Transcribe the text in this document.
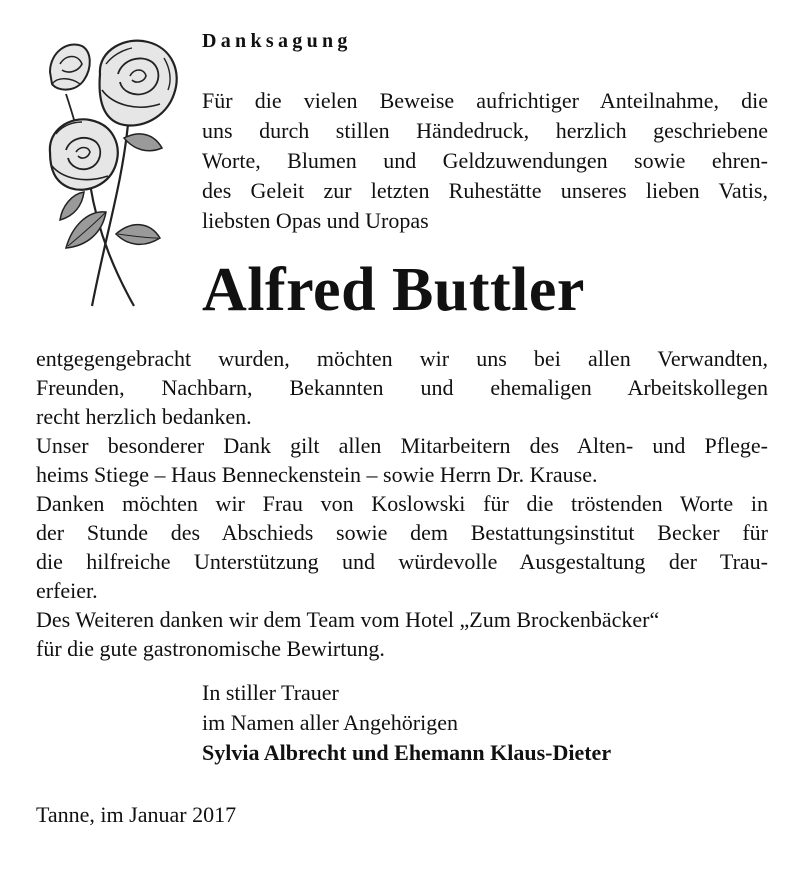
Danksagung

Für die vielen Beweise aufrichtiger Anteilnahme, die
uns durch stillen Händedruck, herzlich geschriebene
Worte, Blumen und Geldzuwendungen sowie ehren-
des Geleit zur letzten Ruhestätte unseres lieben Vatis,
liebsten Opas und Uropas

Alfred Buttler

entgegengebracht wurden, möchten wir uns bei allen Verwandten,
Freunden, Nachbarn, Bekannten und ehemaligen Arbeitskollegen
recht herzlich bedanken.
Unser besonderer Dank gilt allen Mitarbeitern des Alten- und Pflege-
heims Stiege – Haus Benneckenstein – sowie Herrn Dr. Krause.
Danken möchten wir Frau von Koslowski für die tröstenden Worte in
der Stunde des Abschieds sowie dem Bestattungsinstitut Becker für
die hilfreiche Unterstützung und würdevolle Ausgestaltung der Trau-
erfeier.
Des Weiteren danken wir dem Team vom Hotel „Zum Brockenbäcker“
für die gute gastronomische Bewirtung.

In stiller Trauer
im Namen aller Angehörigen
Sylvia Albrecht und Ehemann Klaus-Dieter

Tanne, im Januar 2017
